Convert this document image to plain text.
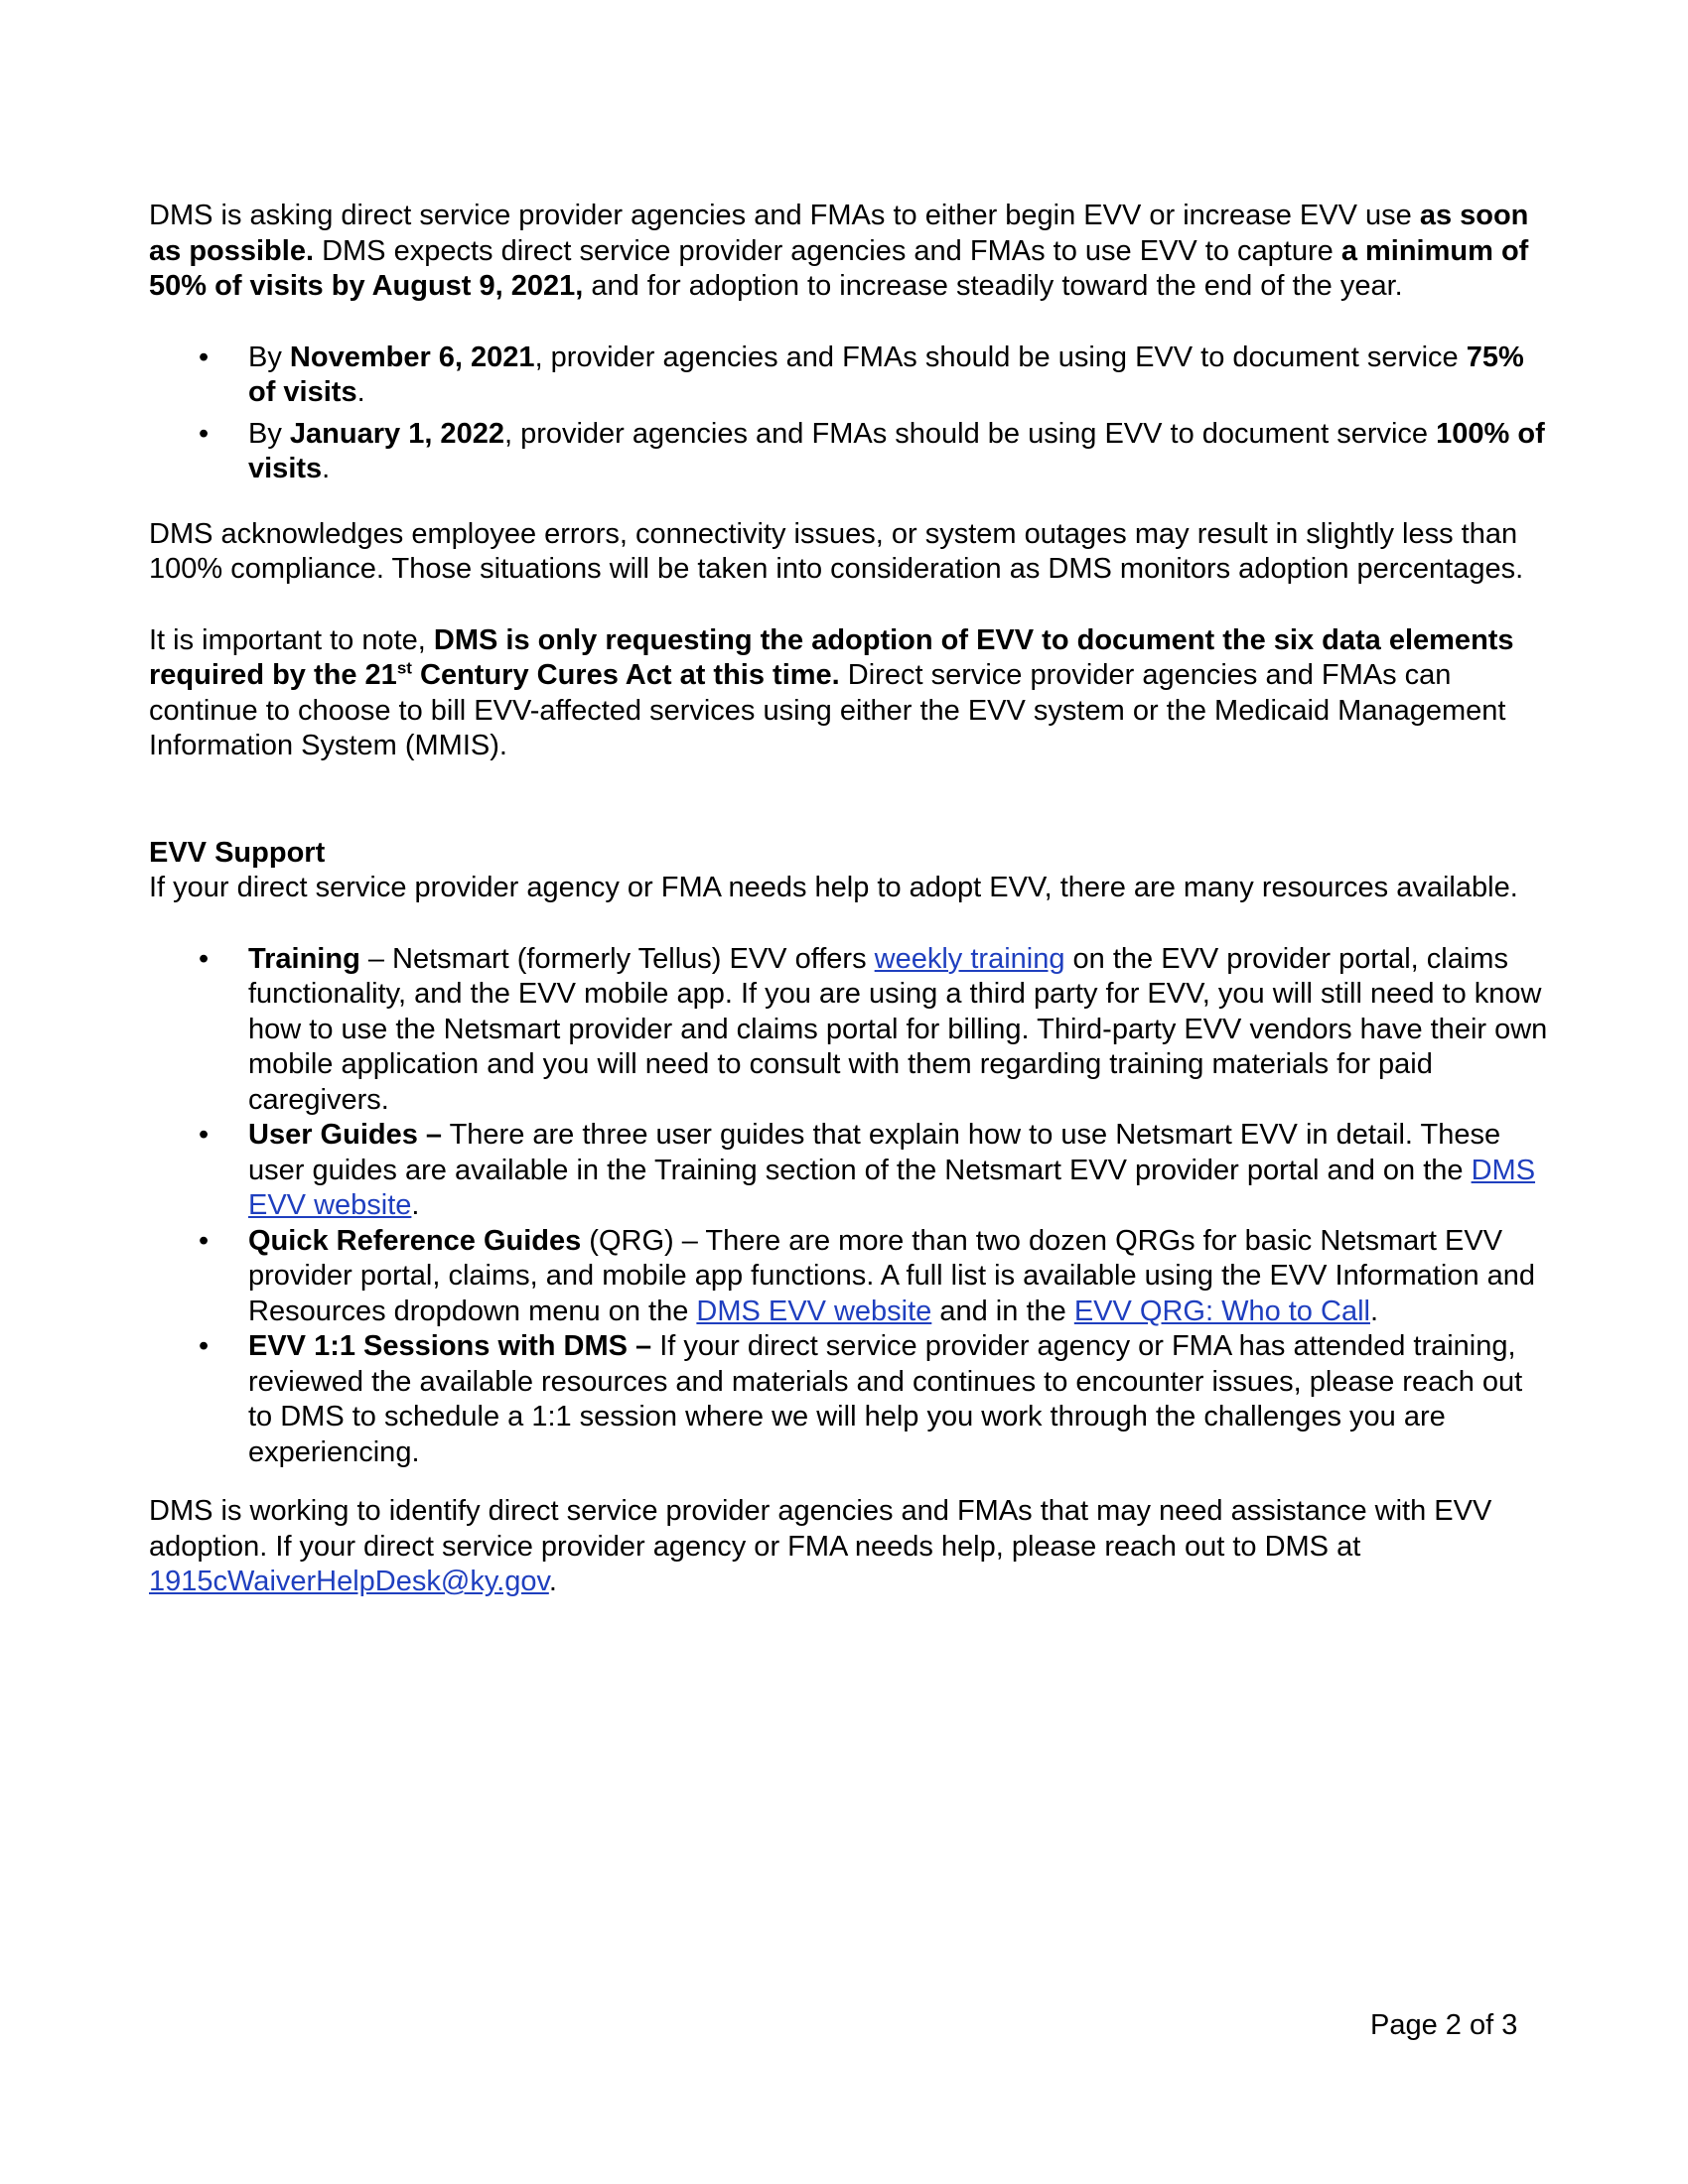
DMS is asking direct service provider agencies and FMAs to either begin EVV or increase EVV use as soon as possible. DMS expects direct service provider agencies and FMAs to use EVV to capture a minimum of 50% of visits by August 9, 2021, and for adoption to increase steadily toward the end of the year.

• By November 6, 2021, provider agencies and FMAs should be using EVV to document service 75% of visits.
• By January 1, 2022, provider agencies and FMAs should be using EVV to document service 100% of visits.

DMS acknowledges employee errors, connectivity issues, or system outages may result in slightly less than 100% compliance. Those situations will be taken into consideration as DMS monitors adoption percentages.

It is important to note, DMS is only requesting the adoption of EVV to document the six data elements required by the 21st Century Cures Act at this time. Direct service provider agencies and FMAs can continue to choose to bill EVV-affected services using either the EVV system or the Medicaid Management Information System (MMIS).

EVV Support

If your direct service provider agency or FMA needs help to adopt EVV, there are many resources available.

• Training – Netsmart (formerly Tellus) EVV offers weekly training on the EVV provider portal, claims functionality, and the EVV mobile app. If you are using a third party for EVV, you will still need to know how to use the Netsmart provider and claims portal for billing. Third-party EVV vendors have their own mobile application and you will need to consult with them regarding training materials for paid caregivers.
• User Guides – There are three user guides that explain how to use Netsmart EVV in detail. These user guides are available in the Training section of the Netsmart EVV provider portal and on the DMS EVV website.
• Quick Reference Guides (QRG) – There are more than two dozen QRGs for basic Netsmart EVV provider portal, claims, and mobile app functions. A full list is available using the EVV Information and Resources dropdown menu on the DMS EVV website and in the EVV QRG: Who to Call.
• EVV 1:1 Sessions with DMS – If your direct service provider agency or FMA has attended training, reviewed the available resources and materials and continues to encounter issues, please reach out to DMS to schedule a 1:1 session where we will help you work through the challenges you are experiencing.

DMS is working to identify direct service provider agencies and FMAs that may need assistance with EVV adoption. If your direct service provider agency or FMA needs help, please reach out to DMS at 1915cWaiverHelpDesk@ky.gov.

Page 2 of 3
